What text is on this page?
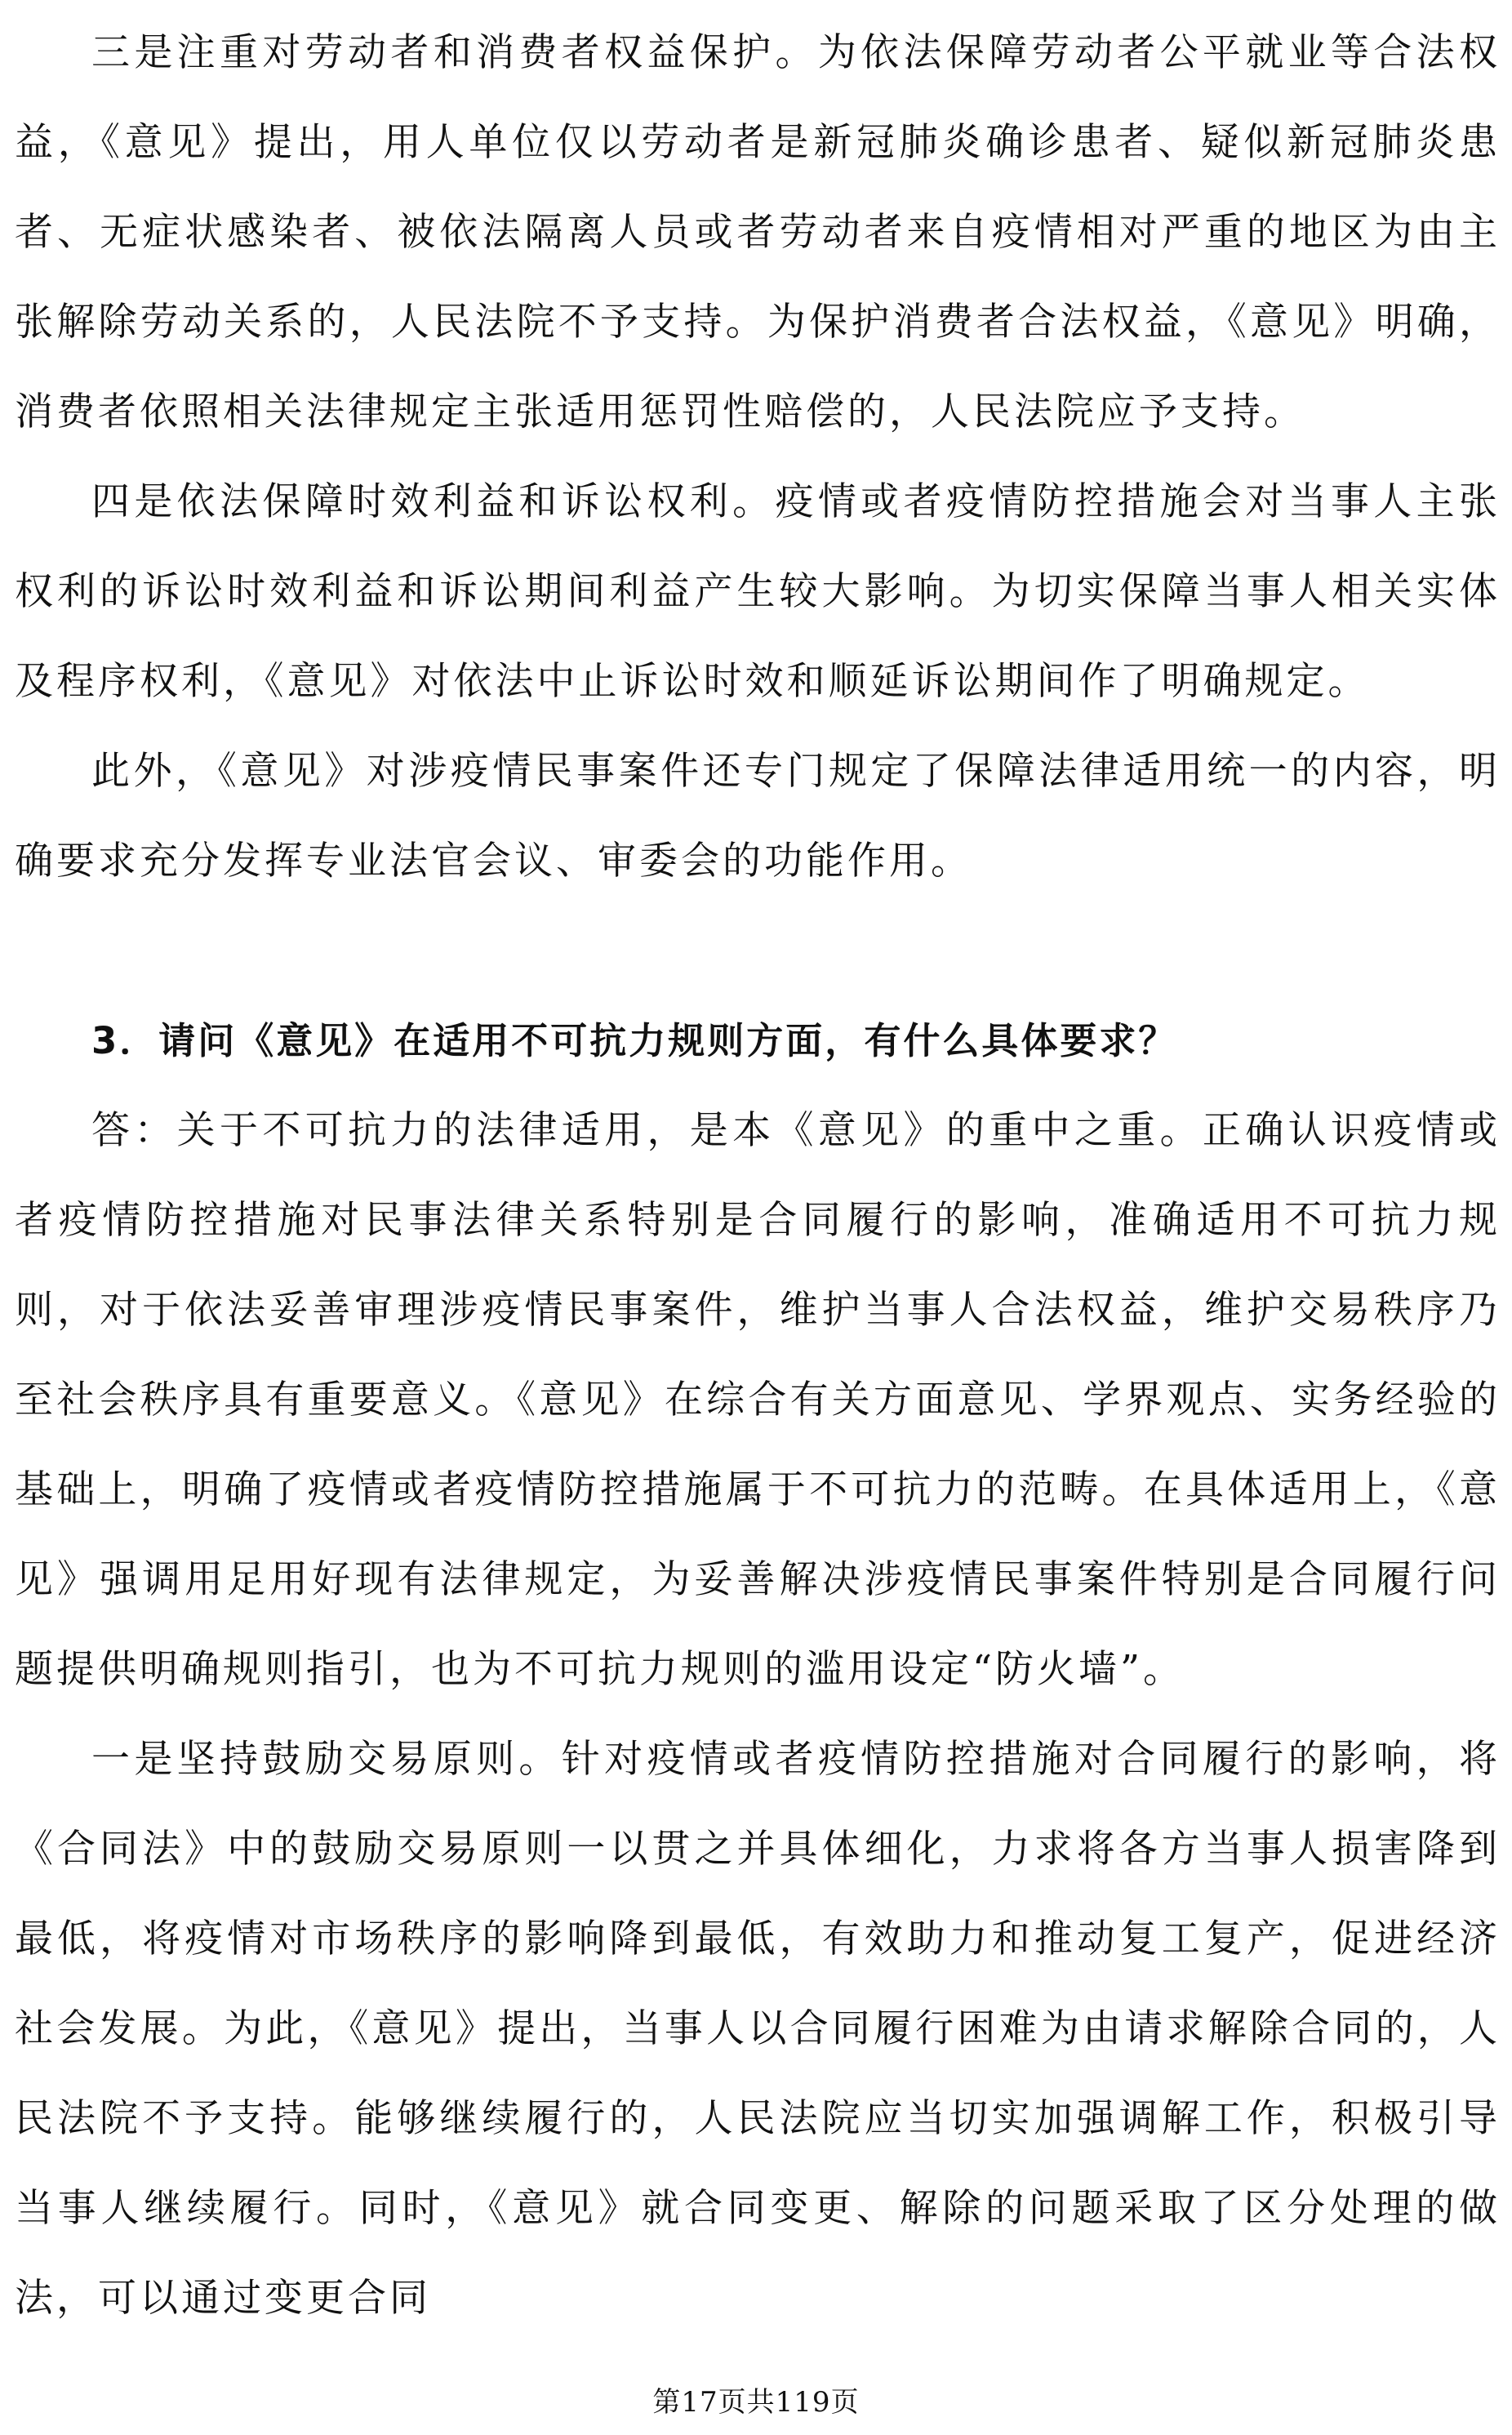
三是注重对劳动者和消费者权益保护。为依法保障劳动者公平就业等合法权益，《意见》提出，用人单位仅以劳动者是新冠肺炎确诊患者、疑似新冠肺炎患者、无症状感染者、被依法隔离人员或者劳动者来自疫情相对严重的地区为由主张解除劳动关系的，人民法院不予支持。为保护消费者合法权益，《意见》明确，消费者依照相关法律规定主张适用惩罚性赔偿的，人民法院应予支持。

四是依法保障时效利益和诉讼权利。疫情或者疫情防控措施会对当事人主张权利的诉讼时效利益和诉讼期间利益产生较大影响。为切实保障当事人相关实体及程序权利，《意见》对依法中止诉讼时效和顺延诉讼期间作了明确规定。

此外，《意见》对涉疫情民事案件还专门规定了保障法律适用统一的内容，明确要求充分发挥专业法官会议、审委会的功能作用。

3．请问《意见》在适用不可抗力规则方面，有什么具体要求？

答：关于不可抗力的法律适用，是本《意见》的重中之重。正确认识疫情或者疫情防控措施对民事法律关系特别是合同履行的影响，准确适用不可抗力规则，对于依法妥善审理涉疫情民事案件，维护当事人合法权益，维护交易秩序乃至社会秩序具有重要意义。《意见》在综合有关方面意见、学界观点、实务经验的基础上，明确了疫情或者疫情防控措施属于不可抗力的范畴。在具体适用上，《意见》强调用足用好现有法律规定，为妥善解决涉疫情民事案件特别是合同履行问题提供明确规则指引，也为不可抗力规则的滥用设定“防火墙”。

一是坚持鼓励交易原则。针对疫情或者疫情防控措施对合同履行的影响，将《合同法》中的鼓励交易原则一以贯之并具体细化，力求将各方当事人损害降到最低，将疫情对市场秩序的影响降到最低，有效助力和推动复工复产，促进经济社会发展。为此，《意见》提出，当事人以合同履行困难为由请求解除合同的，人民法院不予支持。能够继续履行的，人民法院应当切实加强调解工作，积极引导当事人继续履行。同时，《意见》就合同变更、解除的问题采取了区分处理的做法，可以通过变更合同

第17页共119页
